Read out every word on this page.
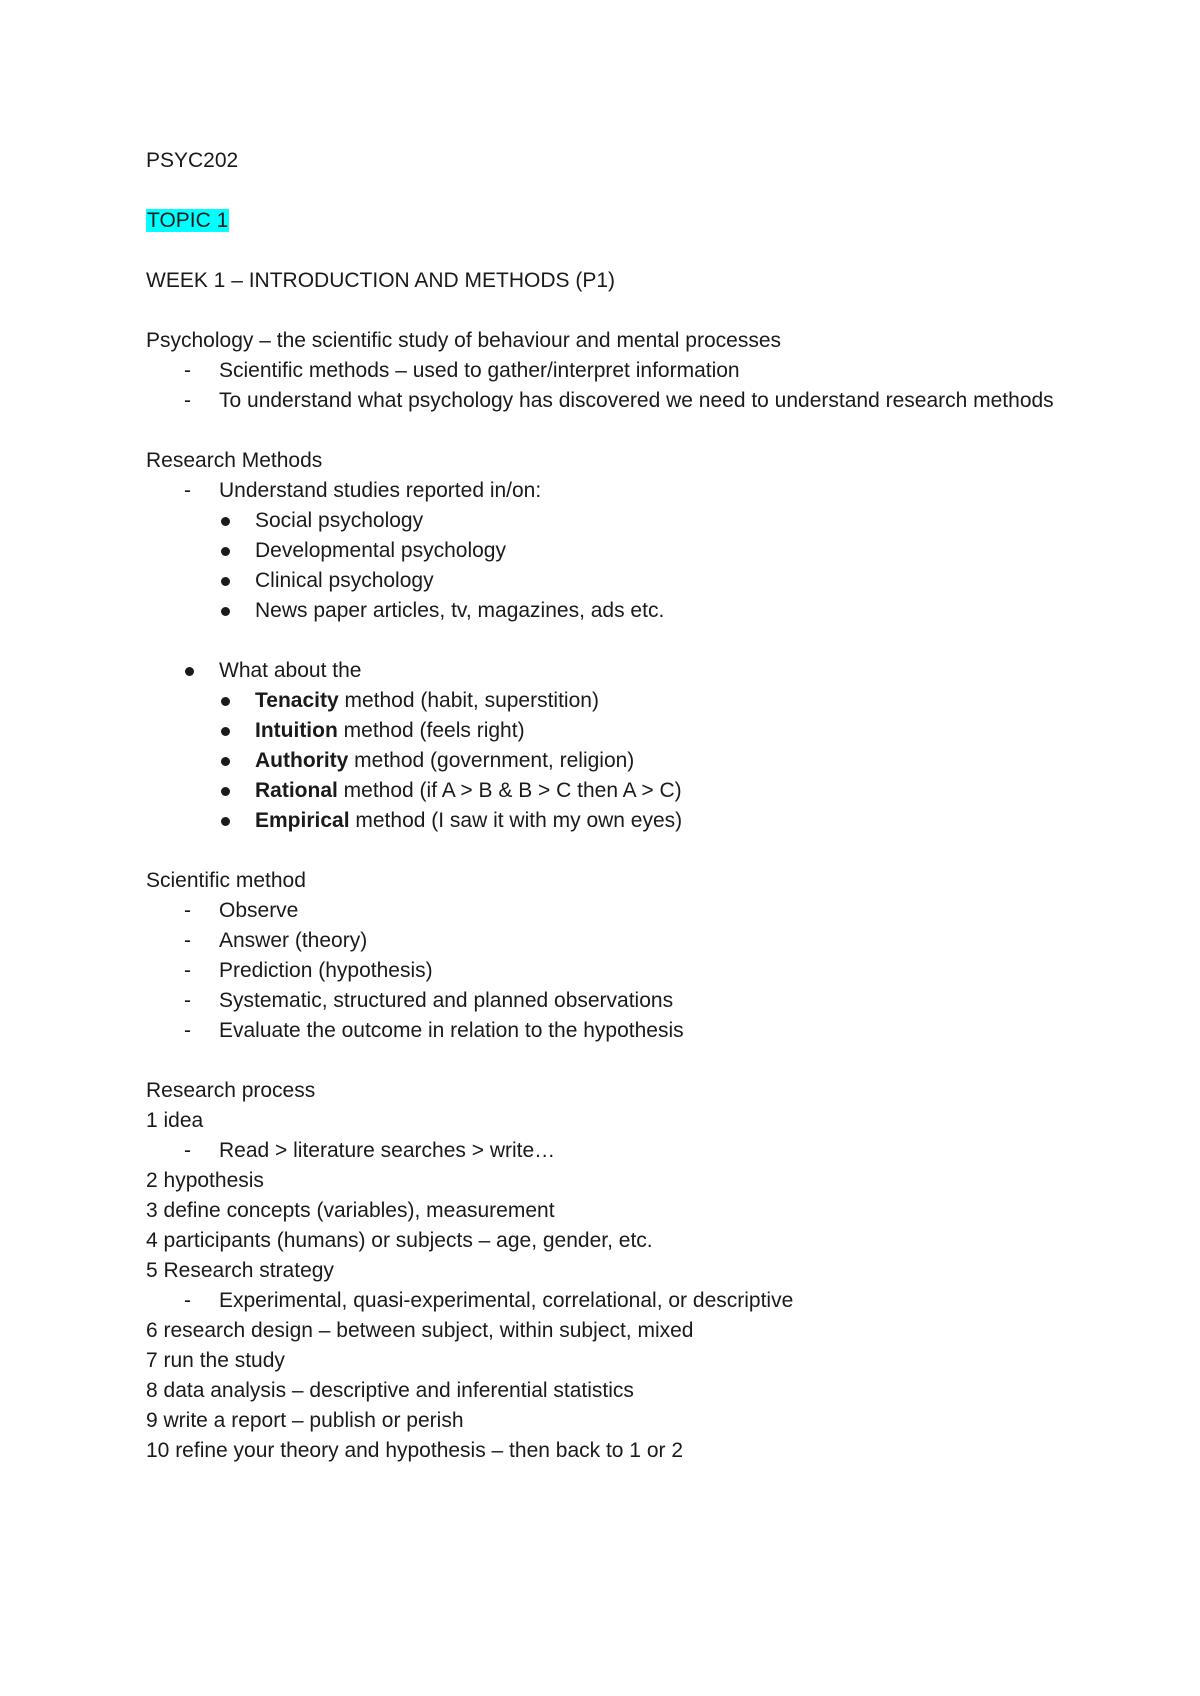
PSYC202
TOPIC 1
WEEK 1 – INTRODUCTION AND METHODS (P1)
Psychology – the scientific study of behaviour and mental processes
- Scientific methods – used to gather/interpret information
- To understand what psychology has discovered we need to understand research methods
Research Methods
- Understand studies reported in/on:
Social psychology
Developmental psychology
Clinical psychology
News paper articles, tv, magazines, ads etc.
What about the
Tenacity method (habit, superstition)
Intuition method (feels right)
Authority method (government, religion)
Rational method (if A > B & B > C then A > C)
Empirical method (I saw it with my own eyes)
Scientific method
- Observe
- Answer (theory)
- Prediction (hypothesis)
- Systematic, structured and planned observations
- Evaluate the outcome in relation to the hypothesis
Research process
1 idea
- Read > literature searches > write…
2 hypothesis
3 define concepts (variables), measurement
4 participants (humans) or subjects – age, gender, etc.
5 Research strategy
- Experimental, quasi-experimental, correlational, or descriptive
6 research design – between subject, within subject, mixed
7 run the study
8 data analysis – descriptive and inferential statistics
9 write a report – publish or perish
10 refine your theory and hypothesis – then back to 1 or 2
